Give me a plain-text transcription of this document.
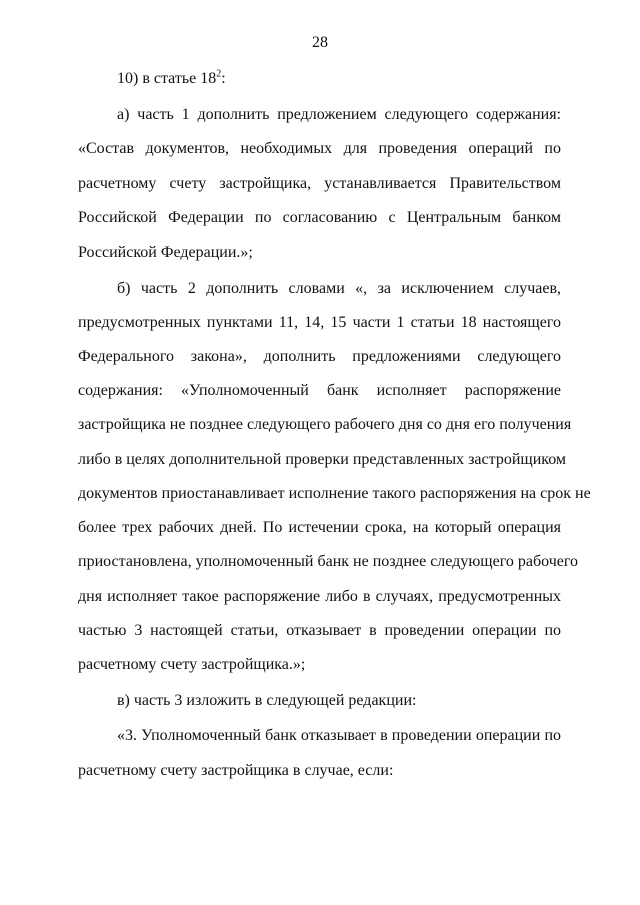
28
10) в статье $18^2$:
а) часть 1 дополнить предложением следующего содержания:
«Состав документов, необходимых для проведения операций по
расчетному счету застройщика, устанавливается Правительством
Российской Федерации по согласованию с Центральным банком
Российской Федерации.»;
б) часть 2 дополнить словами «, за исключением случаев,
предусмотренных пунктами 11, 14, 15 части 1 статьи 18 настоящего
Федерального закона», дополнить предложениями следующего
содержания: «Уполномоченный банк исполняет распоряжение
застройщика не позднее следующего рабочего дня со дня его получения
либо в целях дополнительной проверки представленных застройщиком
документов приостанавливает исполнение такого распоряжения на срок не
более трех рабочих дней. По истечении срока, на который операция
приостановлена, уполномоченный банк не позднее следующего рабочего
дня исполняет такое распоряжение либо в случаях, предусмотренных
частью 3 настоящей статьи, отказывает в проведении операции по
расчетному счету застройщика.»;
в) часть 3 изложить в следующей редакции:
«3. Уполномоченный банк отказывает в проведении операции по
расчетному счету застройщика в случае, если:
